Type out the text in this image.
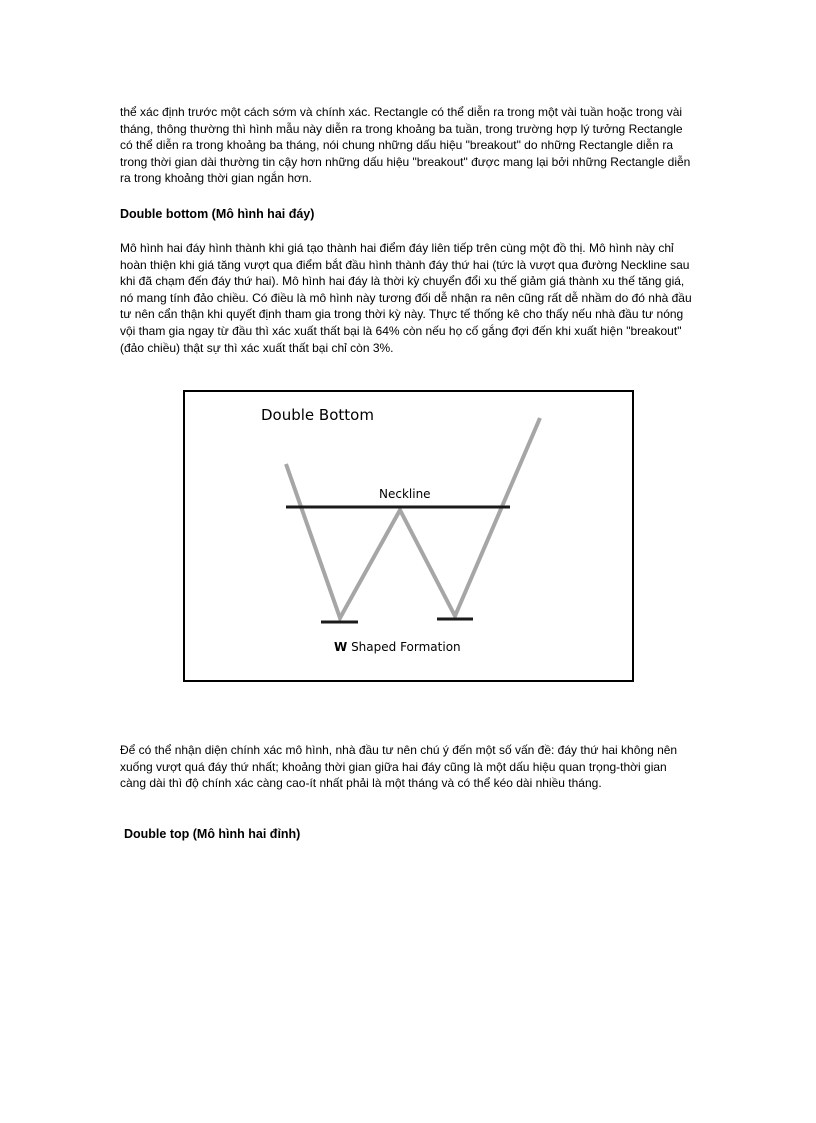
thể xác định trước một cách sớm và chính xác. Rectangle có thể diễn ra trong một vài tuần hoặc trong vài tháng, thông thường thì hình mẫu này diễn ra trong khoảng ba tuần, trong trường hợp lý tưởng Rectangle có thể diễn ra trong khoảng ba tháng, nói chung những dấu hiệu "breakout" do những Rectangle diễn ra trong thời gian dài thường tin cậy hơn những dấu hiệu "breakout" được mang lại bởi những Rectangle diễn ra trong khoảng thời gian ngắn hơn.

Double bottom (Mô hình hai đáy)

Mô hình hai đáy hình thành khi giá tạo thành hai điểm đáy liên tiếp trên cùng một đồ thị. Mô hình này chỉ hoàn thiện khi giá tăng vượt qua điểm bắt đầu hình thành đáy thứ hai (tức là vượt qua đường Neckline sau khi đã chạm đến đáy thứ hai). Mô hình hai đáy là thời kỳ chuyển đổi xu thế giảm giá thành xu thế tăng giá, nó mang tính đảo chiều. Có điều là mô hình này tương đối dễ nhận ra nên cũng rất dễ nhầm do đó nhà đầu tư nên cẩn thận khi quyết định tham gia trong thời kỳ này. Thực tế thống kê cho thấy nếu nhà đầu tư nóng vội tham gia ngay từ đầu thì xác xuất thất bại là 64% còn nếu họ cố gắng đợi đến khi xuất hiện "breakout" (đảo chiều) thật sự thì xác xuất thất bại chỉ còn 3%.

Double Bottom
Neckline
W Shaped Formation

Để có thể nhận diện chính xác mô hình, nhà đầu tư nên chú ý đến một số vấn đề: đáy thứ hai không nên xuống vượt quá đáy thứ nhất; khoảng thời gian giữa hai đáy cũng là một dấu hiệu quan trọng-thời gian càng dài thì độ chính xác càng cao-ít nhất phải là một tháng và có thể kéo dài nhiều tháng.

Double top (Mô hình hai đỉnh)
